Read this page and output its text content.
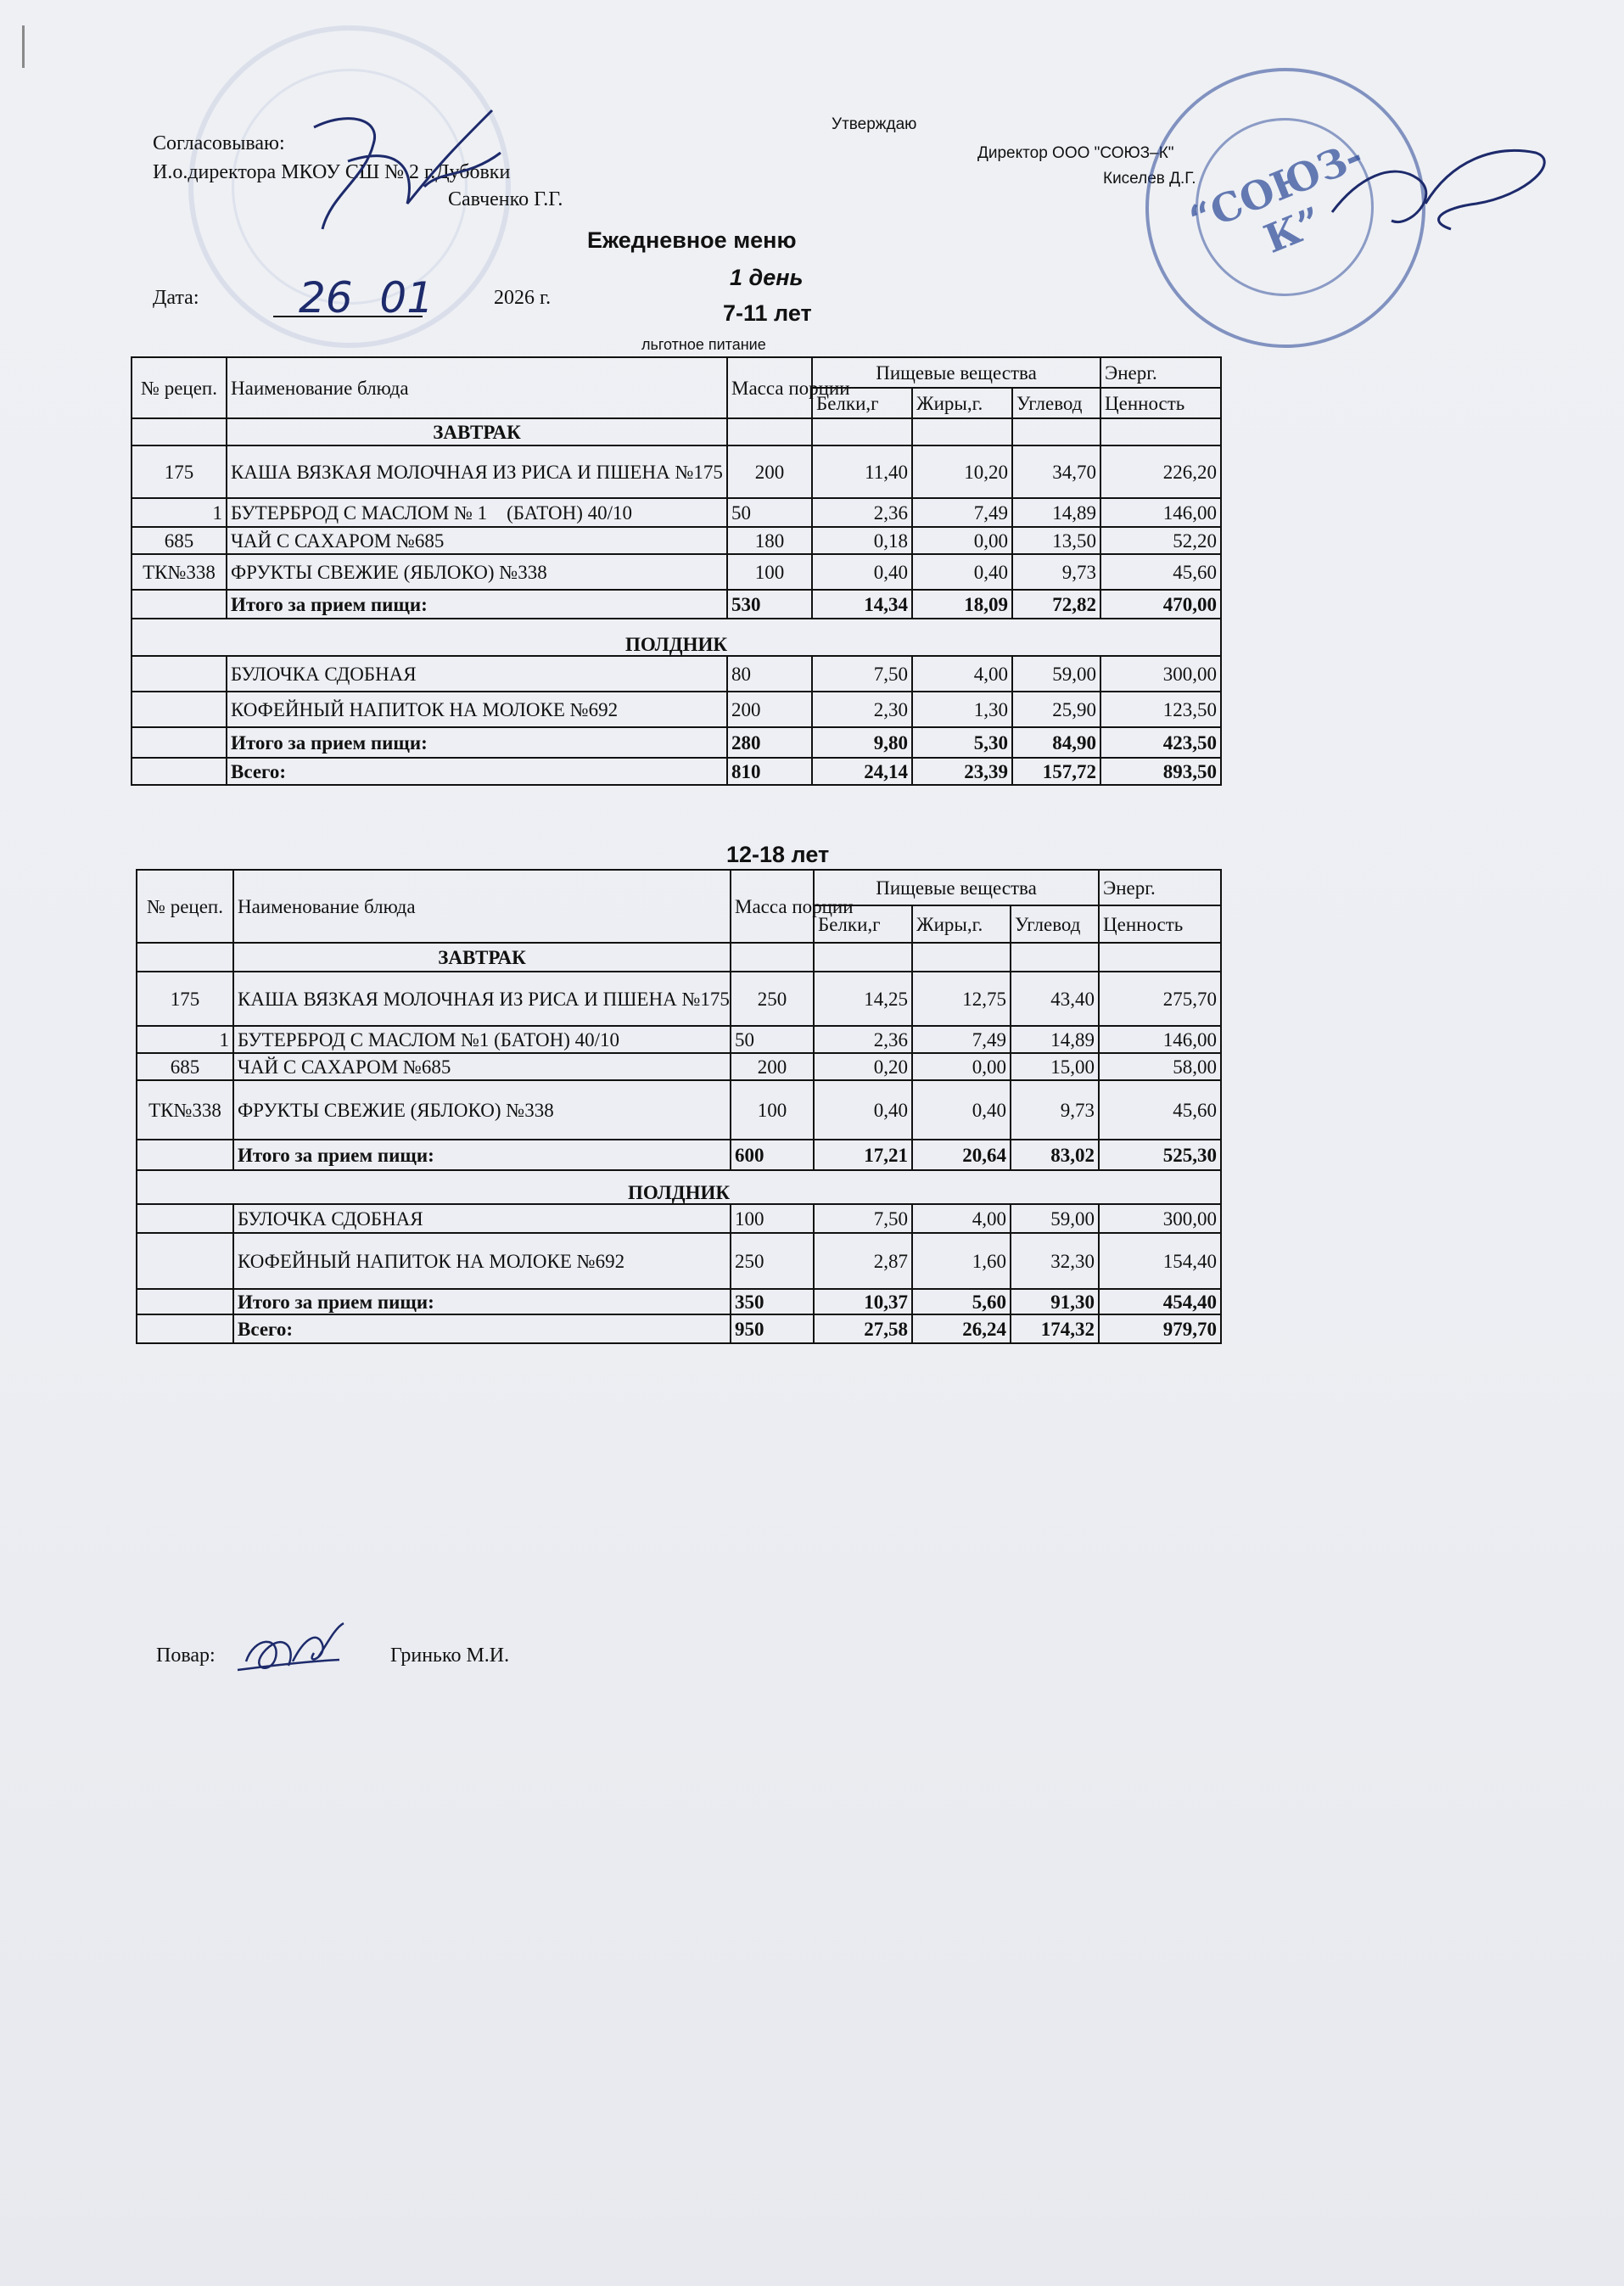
Согласовываю:
И.о.директора МКОУ СШ № 2 г.Дубовки
Савченко Г.Г.
Утверждаю
Директор ООО "СОЮЗ–К"
Киселев Д.Г.
“СОЮЗ-К”
Ежедневное меню
1 день
Дата: 26  01	2026 г.
7-11 лет
льготное питание
№ рецеп.	Наименование блюда	Масса порции	Пищевые вещества			Энерг.
			Белки,г	Жиры,г.	Углевод	Ценность
	ЗАВТРАК					
175	КАША ВЯЗКАЯ МОЛОЧНАЯ ИЗ РИСА И ПШЕНА №175	200	11,40	10,20	34,70	226,20
1	БУТЕРБРОД С МАСЛОМ № 1    (БАТОН) 40/10	50	2,36	7,49	14,89	146,00
685	ЧАЙ С САХАРОМ №685	180	0,18	0,00	13,50	52,20
ТК№338	ФРУКТЫ СВЕЖИЕ (ЯБЛОКО) №338	100	0,40	0,40	9,73	45,60
	Итого за прием пищи:	530	14,34	18,09	72,82	470,00
ПОЛДНИК						
	БУЛОЧКА СДОБНАЯ	80	7,50	4,00	59,00	300,00
	КОФЕЙНЫЙ НАПИТОК НА МОЛОКЕ №692	200	2,30	1,30	25,90	123,50
	Итого за прием пищи:	280	9,80	5,30	84,90	423,50
	Всего:	810	24,14	23,39	157,72	893,50
12-18 лет
№ рецеп.	Наименование блюда	Масса порции	Пищевые вещества			Энерг.
			Белки,г	Жиры,г.	Углевод	Ценность
	ЗАВТРАК					
175	КАША ВЯЗКАЯ МОЛОЧНАЯ ИЗ РИСА И ПШЕНА №175	250	14,25	12,75	43,40	275,70
1	БУТЕРБРОД С МАСЛОМ №1 (БАТОН) 40/10	50	2,36	7,49	14,89	146,00
685	ЧАЙ С САХАРОМ №685	200	0,20	0,00	15,00	58,00
ТК№338	ФРУКТЫ СВЕЖИЕ (ЯБЛОКО) №338	100	0,40	0,40	9,73	45,60
	Итого за прием пищи:	600	17,21	20,64	83,02	525,30
ПОЛДНИК						
	БУЛОЧКА СДОБНАЯ	100	7,50	4,00	59,00	300,00
	КОФЕЙНЫЙ НАПИТОК НА МОЛОКЕ №692	250	2,87	1,60	32,30	154,40
	Итого за прием пищи:	350	10,37	5,60	91,30	454,40
	Всего:	950	27,58	26,24	174,32	979,70
Повар:	Гринько М.И.
